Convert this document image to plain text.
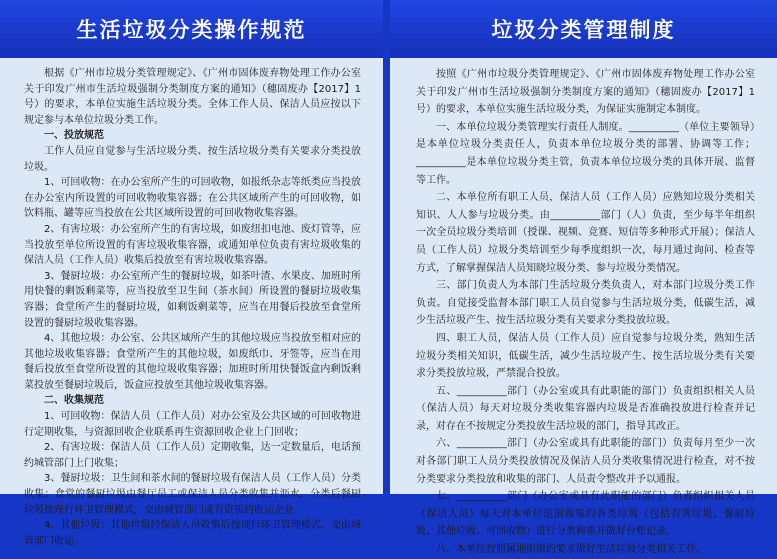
生活垃圾分类操作规范

根据《广州市垃圾分类管理规定》、《广州市固体废弃物处理工作办公室关于印发广州市生活垃圾强制分类制度方案的通知》（穗固废办【2017】1号）的要求，本单位实施生活垃圾分类。全体工作人员、保洁人员应按以下规定参与本单位垃圾分类工作。

一、投放规范

工作人员应自觉参与生活垃圾分类、按生活垃圾分类有关要求分类投放垃圾。

1、可回收物：在办公室所产生的可回收物，如报纸杂志等纸类应当投放在办公室内所设置的可回收物收集容器；在公共区域所产生的可回收物，如饮料瓶、罐等应当投放在公共区域所设置的可回收物收集容器。

2、有害垃圾：办公室所产生的有害垃圾，如废纽扣电池、废灯管等，应当投放至单位所设置的有害垃圾收集容器，或通知单位负责有害垃圾收集的保洁人员（工作人员）收集后投放至有害垃圾收集容器。

3、餐厨垃圾：办公室所产生的餐厨垃圾，如茶叶渣、水果皮、加班时所用快餐的剩饭剩菜等，应当投放至卫生间（茶水间）所设置的餐厨垃圾收集容器；食堂所产生的餐厨垃圾，如剩饭剩菜等，应当在用餐后投放至食堂所设置的餐厨垃圾收集容器。

4、其他垃圾：办公室、公共区域所产生的其他垃圾应当投放至相对应的其他垃圾收集容器；食堂所产生的其他垃圾，如废纸巾、牙签等，应当在用餐后投放至食堂所设置的其他垃圾收集容器；加班时所用快餐饭盒内剩饭剩菜投放至餐厨垃圾后，饭盒应投放至其他垃圾收集容器。

二、收集规范

1、可回收物：保洁人员（工作人员）对办公室及公共区域的可回收物进行定期收集，与资源回收企业联系再生资源回收企业上门回收；

2、有害垃圾：保洁人员（工作人员）定期收集，达一定数量后，电话预约城管部门上门收集；

3、餐厨垃圾：卫生间和茶水间的餐厨垃圾有保洁人员（工作人员）分类收集；食堂的餐厨垃圾由餐厅员工或保洁人员分类收集并沥水，分类后餐厨垃圾按现行环卫管理模式，交由城管部门或有资质的收运企业

4、其他垃圾：其他垃圾经保洁人员收集后按现行环卫管理模式，交由城管部门收运。

垃圾分类管理制度

按照《广州市垃圾分类管理规定》、《广州市固体废弃物处理工作办公室关于印发广州市生活垃圾强制分类制度方案的通知》（穗固废办【2017】1号）的要求，本单位实施生活垃圾分类，为保证实施制定本制度。

一、本单位垃圾分类管理实行责任人制度。__________（单位主要领导）是本单位垃圾分类责任人，负责本单位垃圾分类的部署、协调等工作；__________是本单位垃圾分类主管，负责本单位垃圾分类的具体开展、监督等工作。

二、本单位所有职工人员，保洁人员（工作人员）应熟知垃圾分类相关知识、人人参与垃圾分类。由__________部门（人）负责，至少每半年组织一次全员垃圾分类培训（授课、视频、竞赛、短信等多种形式开展）；保洁人员（工作人员）垃圾分类培训至少每季度组织一次，每月通过询问、检查等方式，了解掌握保洁人员知晓垃圾分类、参与垃圾分类情况。

三、部门负责人为本部门生活垃圾分类负责人，对本部门垃圾分类工作负责。自觉接受监督本部门职工人员自觉参与生活垃圾分类，低碳生活，减少生活垃圾产生、按生活垃圾分类有关要求分类投放垃圾。

四、职工人员，保洁人员（工作人员）应自觉参与垃圾分类，熟知生活垃圾分类相关知识，低碳生活，减少生活垃圾产生、按生活垃圾分类有关要求分类投放垃圾，严禁混合投放。

五、__________部门（办公室或具有此职能的部门）负责组织相关人员（保洁人员）每天对垃圾分类收集容器内垃圾是否准确投放进行检查并记录，对存在不按规定分类投放生活垃圾的部门，指导其改正。

六、__________部门（办公室或具有此职能的部门）负责每月至少一次对各部门职工人员分类投放情况及保洁人员分类收集情况进行检查，对不按分类要求分类投放和收集的部门、人员责令整改并予以通报。

七、__________部门（办公室或具有此职能的部门）负者组织相关人员（保洁人员）每天对本单位范围收集的各类垃圾（包括有害垃圾、餐厨垃圾、其他垃圾、可回收物）进行分类称重并做好台账记录。

八、本单位按照属地街镇的要求做好生活垃圾分类相关工作。
